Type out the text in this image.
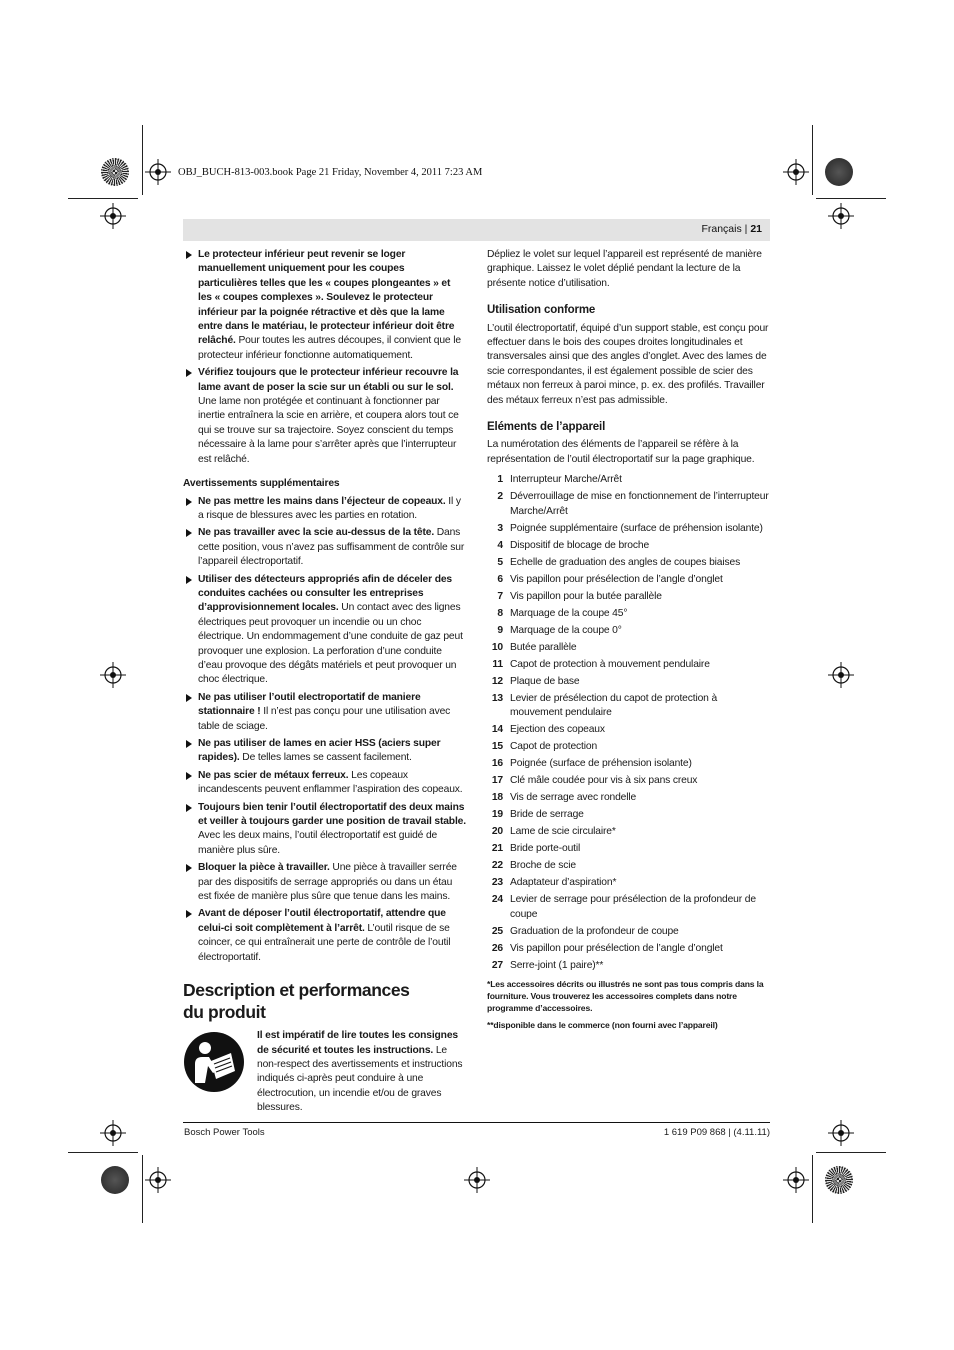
OBJ_BUCH-813-003.book Page 21 Friday, November 4, 2011 7:23 AM
Français | 21
Le protecteur inférieur peut revenir se loger manuellement uniquement pour les coupes particulières telles que les « coupes plongeantes » et les « coupes complexes ». Soulevez le protecteur inférieur par la poignée rétractive et dès que la lame entre dans le matériau, le protecteur inférieur doit être relâché. Pour toutes les autres découpes, il convient que le protecteur inférieur fonctionne automatiquement.
Vérifiez toujours que le protecteur inférieur recouvre la lame avant de poser la scie sur un établi ou sur le sol. Une lame non protégée et continuant à fonctionner par inertie entraînera la scie en arrière, et coupera alors tout ce qui se trouve sur sa trajectoire. Soyez conscient du temps nécessaire à la lame pour s’arrêter après que l’interrupteur est relâché.
Avertissements supplémentaires
Ne pas mettre les mains dans l’éjecteur de copeaux. Il y a risque de blessures avec les parties en rotation.
Ne pas travailler avec la scie au-dessus de la tête. Dans cette position, vous n’avez pas suffisamment de contrôle sur l’appareil électroportatif.
Utiliser des détecteurs appropriés afin de déceler des conduites cachées ou consulter les entreprises d’approvisionnement locales. Un contact avec des lignes électriques peut provoquer un incendie ou un choc électrique. Un endommagement d’une conduite de gaz peut provoquer une explosion. La perforation d’une conduite d’eau provoque des dégâts matériels et peut provoquer un choc électrique.
Ne pas utiliser l’outil electroportatif de maniere stationnaire ! Il n’est pas conçu pour une utilisation avec table de sciage.
Ne pas utiliser de lames en acier HSS (aciers super rapides). De telles lames se cassent facilement.
Ne pas scier de métaux ferreux. Les copeaux incandescents peuvent enflammer l’aspiration des copeaux.
Toujours bien tenir l’outil électroportatif des deux mains et veiller à toujours garder une position de travail stable. Avec les deux mains, l’outil électroportatif est guidé de manière plus sûre.
Bloquer la pièce à travailler. Une pièce à travailler serrée par des dispositifs de serrage appropriés ou dans un étau est fixée de manière plus sûre que tenue dans les mains.
Avant de déposer l’outil électroportatif, attendre que celui-ci soit complètement à l’arrêt. L’outil risque de se coincer, ce qui entraînerait une perte de contrôle de l’outil électroportatif.
Description et performances du produit
Il est impératif de lire toutes les consignes de sécurité et toutes les instructions. Le non-respect des avertissements et instructions indiqués ci-après peut conduire à une électrocution, un incendie et/ou de graves blessures.
Dépliez le volet sur lequel l’appareil est représenté de manière graphique. Laissez le volet déplié pendant la lecture de la présente notice d’utilisation.
Utilisation conforme
L’outil électroportatif, équipé d’un support stable, est conçu pour effectuer dans le bois des coupes droites longitudinales et transversales ainsi que des angles d’onglet. Avec des lames de scie correspondantes, il est également possible de scier des métaux non ferreux à paroi mince, p. ex. des profilés. Travailler des métaux ferreux n’est pas admissible.
Eléments de l’appareil
La numérotation des éléments de l’appareil se réfère à la représentation de l’outil électroportatif sur la page graphique.
1 Interrupteur Marche/Arrêt
2 Déverrouillage de mise en fonctionnement de l’interrupteur Marche/Arrêt
3 Poignée supplémentaire (surface de préhension isolante)
4 Dispositif de blocage de broche
5 Echelle de graduation des angles de coupes biaises
6 Vis papillon pour présélection de l’angle d’onglet
7 Vis papillon pour la butée parallèle
8 Marquage de la coupe 45°
9 Marquage de la coupe 0°
10 Butée parallèle
11 Capot de protection à mouvement pendulaire
12 Plaque de base
13 Levier de présélection du capot de protection à mouvement pendulaire
14 Ejection des copeaux
15 Capot de protection
16 Poignée (surface de préhension isolante)
17 Clé mâle coudée pour vis à six pans creux
18 Vis de serrage avec rondelle
19 Bride de serrage
20 Lame de scie circulaire*
21 Bride porte-outil
22 Broche de scie
23 Adaptateur d’aspiration*
24 Levier de serrage pour présélection de la profondeur de coupe
25 Graduation de la profondeur de coupe
26 Vis papillon pour présélection de l’angle d’onglet
27 Serre-joint (1 paire)**
*Les accessoires décrits ou illustrés ne sont pas tous compris dans la fourniture. Vous trouverez les accessoires complets dans notre programme d’accessoires.
**disponible dans le commerce (non fourni avec l’appareil)
Bosch Power Tools	1 619 P09 868 | (4.11.11)
